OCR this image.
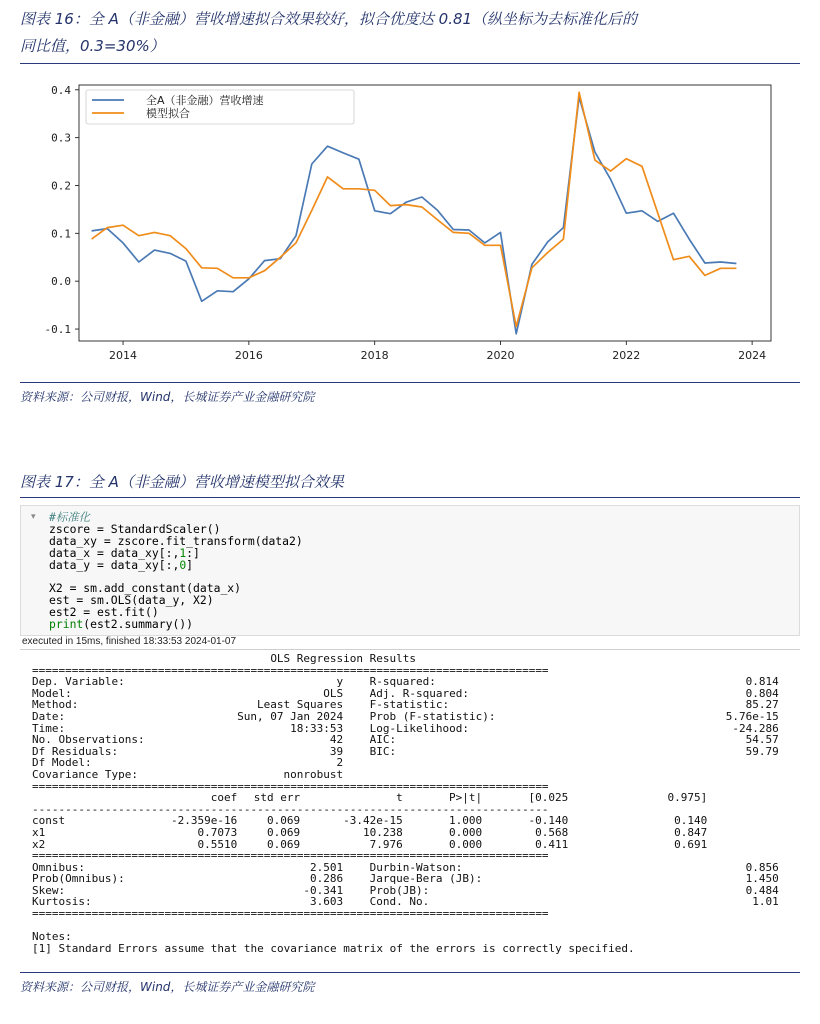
图表 16：全 A（非金融）营收增速拟合效果较好，拟合优度达 0.81（纵坐标为去标准化后的
同比值，0.3=30%）
0.4
0.3
0.2
0.1
0.0
-0.1
2014	2016	2018	2020	2022	2024
全A（非金融）营收增速
模型拟合
资料来源：公司财报，Wind，长城证券产业金融研究院
图表 17：全 A（非金融）营收增速模型拟合效果
▾ #标准化
zscore = StandardScaler()
data_xy = zscore.fit_transform(data2)
data_x = data_xy[:,1:]
data_y = data_xy[:,0]

X2 = sm.add_constant(data_x)
est = sm.OLS(data_y, X2)
est2 = est.fit()
print(est2.summary())

executed in 15ms, finished 18:33:53 2024-01-07
OLS Regression Results
==============================================================================
Dep. Variable:	y R-squared:	0.814
Model:	OLS Adj. R-squared:	0.804
Method:	Least Squares F-statistic:	85.27
Date:	Sun, 07 Jan 2024 Prob (F-statistic):	5.76e-15
Time:	18:33:53 Log-Likelihood:	-24.286
No. Observations:	42 AIC:	54.57
Df Residuals:	39 BIC:	59.79
Df Model:	2
Covariance Type:	nonrobust
==============================================================================
coef std err	t	P>|t|	[0.025	0.975]
------------------------------------------------------------------------------
const	-2.359e-16	0.069	-3.42e-15	1.000	-0.140	0.140
x1	0.7073	0.069	10.238	0.000	0.568	0.847
x2	0.5510	0.069	7.976	0.000	0.411	0.691
==============================================================================
Omnibus:	2.501 Durbin-Watson:	0.856
Prob(Omnibus):	0.286 Jarque-Bera (JB):	1.450
Skew:	-0.341 Prob(JB):	0.484
Kurtosis:	3.603 Cond. No.	1.01
==============================================================================
Notes:
[1] Standard Errors assume that the covariance matrix of the errors is correctly specified.
资料来源：公司财报，Wind，长城证券产业金融研究院
